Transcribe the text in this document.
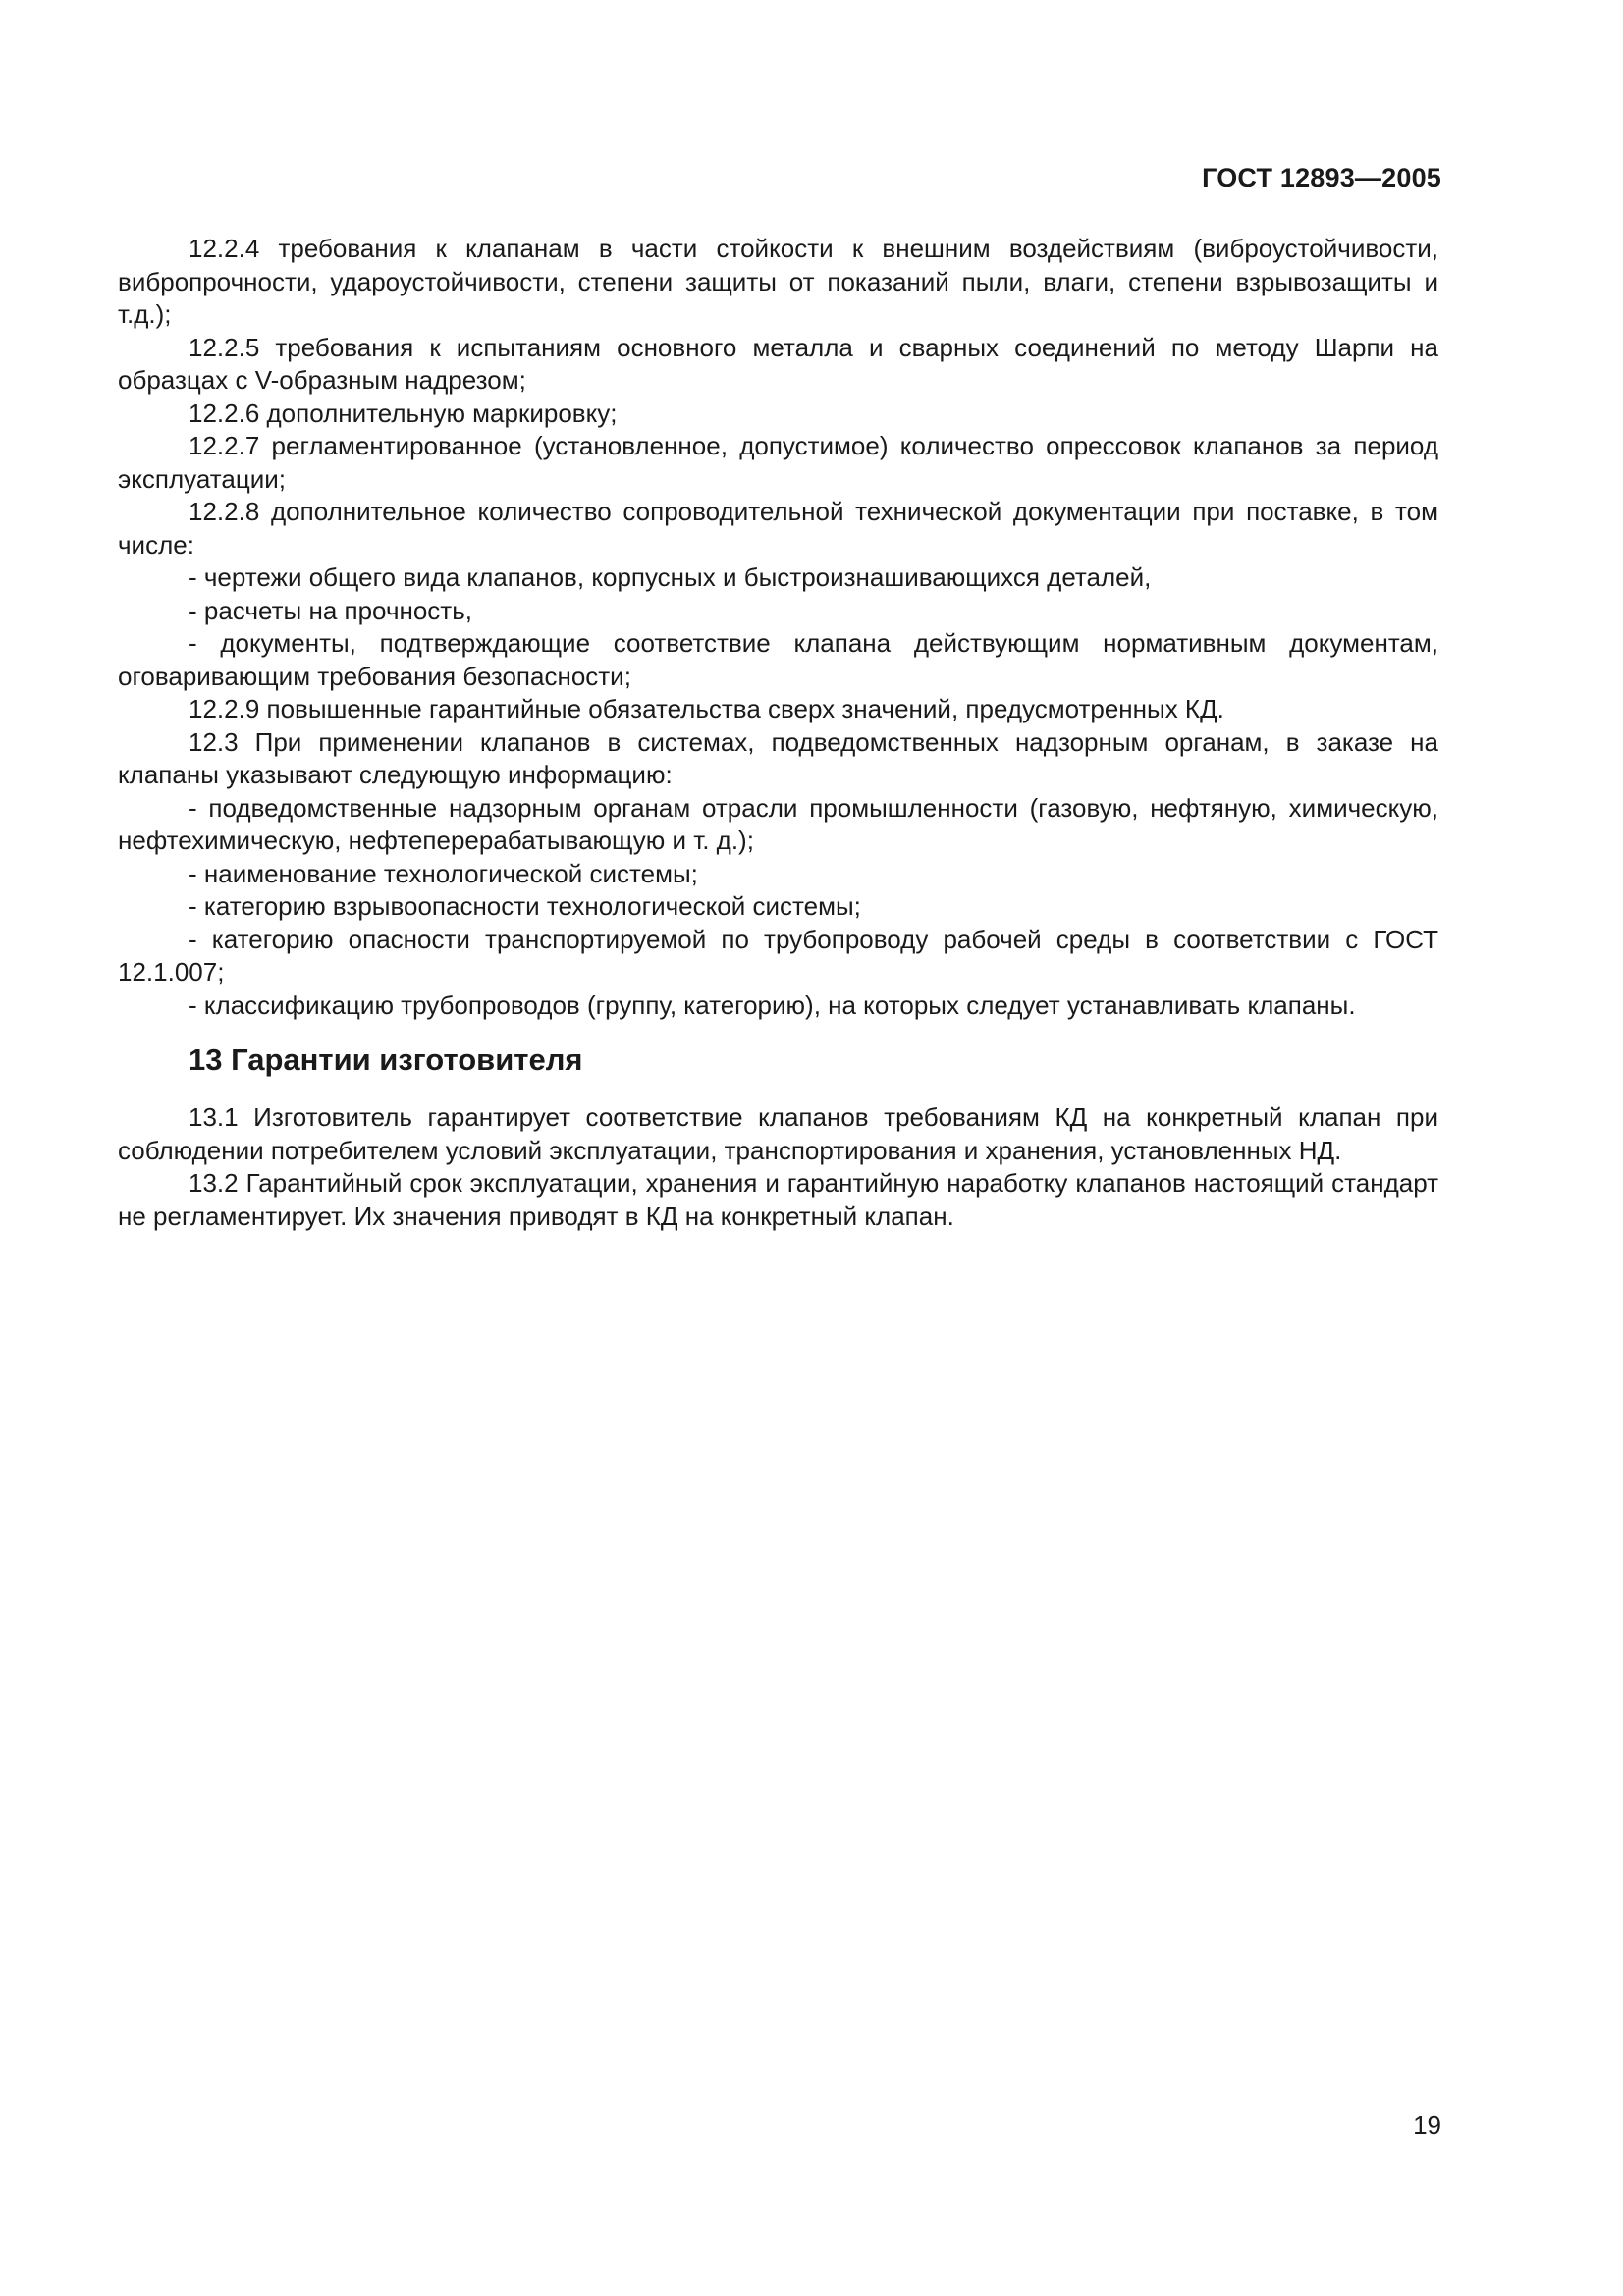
ГОСТ 12893—2005

12.2.4 требования к клапанам в части стойкости к внешним воздействиям (виброустойчивости, вибропрочности, удароустойчивости, степени защиты от показаний пыли, влаги, степени взрывозащиты и т.д.);

12.2.5 требования к испытаниям основного металла и сварных соединений по методу Шарпи на образцах с V-образным надрезом;

12.2.6 дополнительную маркировку;

12.2.7 регламентированное (установленное, допустимое) количество опрессовок клапанов за период эксплуатации;

12.2.8 дополнительное количество сопроводительной технической документации при поставке, в том числе:

- чертежи общего вида клапанов, корпусных и быстроизнашивающихся деталей,

- расчеты на прочность,

- документы, подтверждающие соответствие клапана действующим нормативным документам, оговаривающим требования безопасности;

12.2.9 повышенные гарантийные обязательства сверх значений, предусмотренных КД.

12.3 При применении клапанов в системах, подведомственных надзорным органам, в заказе на клапаны указывают следующую информацию:

- подведомственные надзорным органам отрасли промышленности (газовую, нефтяную, химическую, нефтехимическую, нефтеперерабатывающую и т. д.);

- наименование технологической системы;

- категорию взрывоопасности технологической системы;

- категорию опасности транспортируемой по трубопроводу рабочей среды в соответствии с ГОСТ 12.1.007;

- классификацию трубопроводов (группу, категорию), на которых следует устанавливать клапаны.

13 Гарантии изготовителя

13.1 Изготовитель гарантирует соответствие клапанов требованиям КД на конкретный клапан при соблюдении потребителем условий эксплуатации, транспортирования и хранения, установленных НД.

13.2 Гарантийный срок эксплуатации, хранения и гарантийную наработку клапанов настоящий стандарт не регламентирует. Их значения приводят в КД на конкретный клапан.

19
